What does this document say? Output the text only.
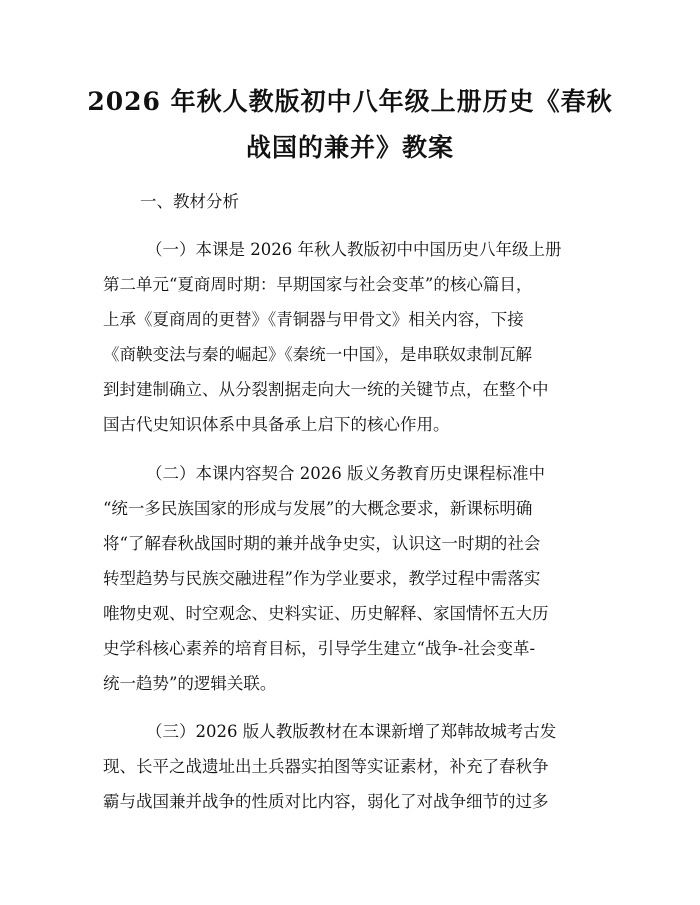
2026 年秋人教版初中八年级上册历史《春秋
战国的兼并》教案

一、教材分析

（一）本课是 2026 年秋人教版初中中国历史八年级上册
第二单元“夏商周时期：早期国家与社会变革”的核心篇目，
上承《夏商周的更替》《青铜器与甲骨文》相关内容，下接
《商鞅变法与秦的崛起》《秦统一中国》，是串联奴隶制瓦解
到封建制确立、从分裂割据走向大一统的关键节点，在整个中
国古代史知识体系中具备承上启下的核心作用。
（二）本课内容契合 2026 版义务教育历史课程标准中
“统一多民族国家的形成与发展”的大概念要求，新课标明确
将“了解春秋战国时期的兼并战争史实，认识这一时期的社会
转型趋势与民族交融进程”作为学业要求，教学过程中需落实
唯物史观、时空观念、史料实证、历史解释、家国情怀五大历
史学科核心素养的培育目标，引导学生建立“战争-社会变革-
统一趋势”的逻辑关联。
（三）2026 版人教版教材在本课新增了郑韩故城考古发
现、长平之战遗址出土兵器实拍图等实证素材，补充了春秋争
霸与战国兼并战争的性质对比内容，弱化了对战争细节的过多
